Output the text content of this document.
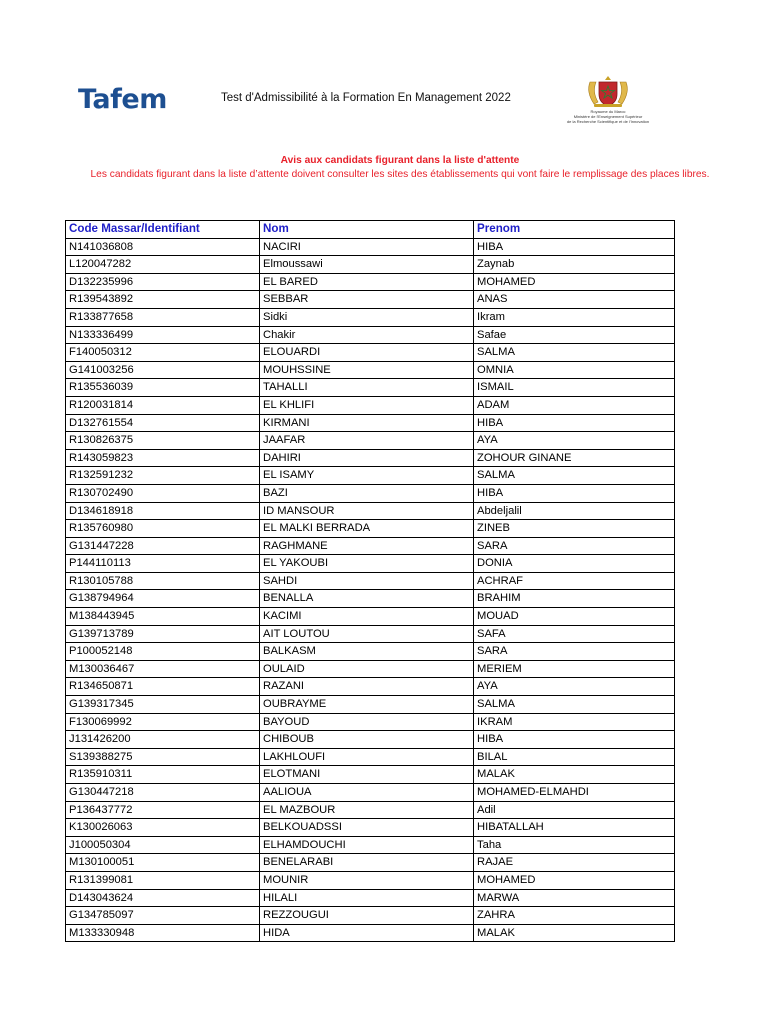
Tafem	Test d'Admissibilité à la Formation En Management 2022
Royaume du Maroc
Ministère de l'Enseignement Supérieur
de la Recherche Scientifique et de l'Innovation
Avis aux candidats figurant dans la liste d'attente
Les candidats figurant dans la liste d’attente doivent consulter les sites des établissements qui vont faire le remplissage des places libres.
Code Massar/Identifiant	Nom	Prenom
N141036808	NACIRI	HIBA
L120047282	Elmoussawi	Zaynab
D132235996	EL BARED	MOHAMED
R139543892	SEBBAR	ANAS
R133877658	Sidki	Ikram
N133336499	Chakir	Safae
F140050312	ELOUARDI	SALMA
G141003256	MOUHSSINE	OMNIA
R135536039	TAHALLI	ISMAIL
R120031814	EL KHLIFI	ADAM
D132761554	KIRMANI	HIBA
R130826375	JAAFAR	AYA
R143059823	DAHIRI	ZOHOUR GINANE
R132591232	EL ISAMY	SALMA
R130702490	BAZI	HIBA
D134618918	ID MANSOUR	Abdeljalil
R135760980	EL MALKI BERRADA	ZINEB
G131447228	RAGHMANE	SARA
P144110113	EL YAKOUBI	DONIA
R130105788	SAHDI	ACHRAF
G138794964	BENALLA	BRAHIM
M138443945	KACIMI	MOUAD
G139713789	AIT LOUTOU	SAFA
P100052148	BALKASM	SARA
M130036467	OULAID	MERIEM
R134650871	RAZANI	AYA
G139317345	OUBRAYME	SALMA
F130069992	BAYOUD	IKRAM
J131426200	CHIBOUB	HIBA
S139388275	LAKHLOUFI	BILAL
R135910311	ELOTMANI	MALAK
G130447218	AALIOUA	MOHAMED-ELMAHDI
P136437772	EL MAZBOUR	Adil
K130026063	BELKOUADSSI	HIBATALLAH
J100050304	ELHAMDOUCHI	Taha
M130100051	BENELARABI	RAJAE
R131399081	MOUNIR	MOHAMED
D143043624	HILALI	MARWA
G134785097	REZZOUGUI	ZAHRA
M133330948	HIDA	MALAK
